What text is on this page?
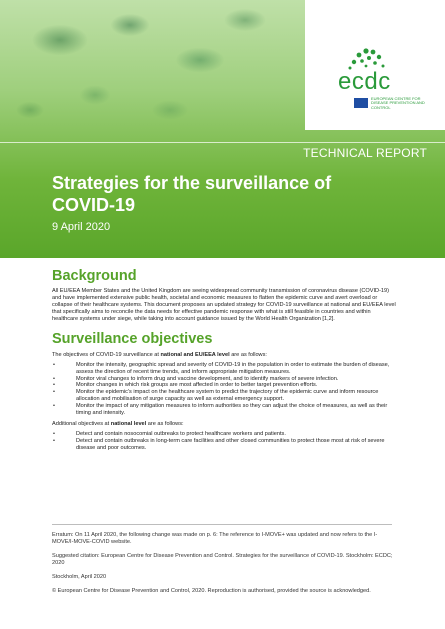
TECHNICAL REPORT
Strategies for the surveillance of COVID-19
9 April 2020
ecdc
EUROPEAN CENTRE FOR DISEASE PREVENTION AND CONTROL
Background

All EU/EEA Member States and the United Kingdom are seeing widespread community transmission of coronavirus disease (COVID-19) and have implemented extensive public health, societal and economic measures to flatten the epidemic curve and avert overload or collapse of their healthcare systems. This document proposes an updated strategy for COVID-19 surveillance at national and EU/EEA level that specifically aims to reconcile the data needs for effective pandemic response with what is still feasible in countries and within healthcare systems under siege, while taking into account guidance issued by the World Health Organization [1,2].

Surveillance objectives

The objectives of COVID-19 surveillance at national and EU/EEA level are as follows:

• Monitor the intensity, geographic spread and severity of COVID-19 in the population in order to estimate the burden of disease, assess the direction of recent time trends, and inform appropriate mitigation measures.
• Monitor viral changes to inform drug and vaccine development, and to identify markers of severe infection.
• Monitor changes in which risk groups are most affected in order to better target prevention efforts.
• Monitor the epidemic's impact on the healthcare system to predict the trajectory of the epidemic curve and inform resource allocation and mobilisation of surge capacity as well as external emergency support.
• Monitor the impact of any mitigation measures to inform authorities so they can adjust the choice of measures, as well as their timing and intensity.

Additional objectives at national level are as follows:

• Detect and contain nosocomial outbreaks to protect healthcare workers and patients.
• Detect and contain outbreaks in long-term care facilities and other closed communities to protect those most at risk of severe disease and poor outcomes.
Erratum: On 11 April 2020, the following change was made on p. 6: The reference to I-MOVE+ was updated and now refers to the I-MOVE/I-MOVE-COVID website.
Suggested citation: European Centre for Disease Prevention and Control. Strategies for the surveillance of COVID-19. Stockholm: ECDC; 2020
Stockholm, April 2020
© European Centre for Disease Prevention and Control, 2020. Reproduction is authorised, provided the source is acknowledged.
